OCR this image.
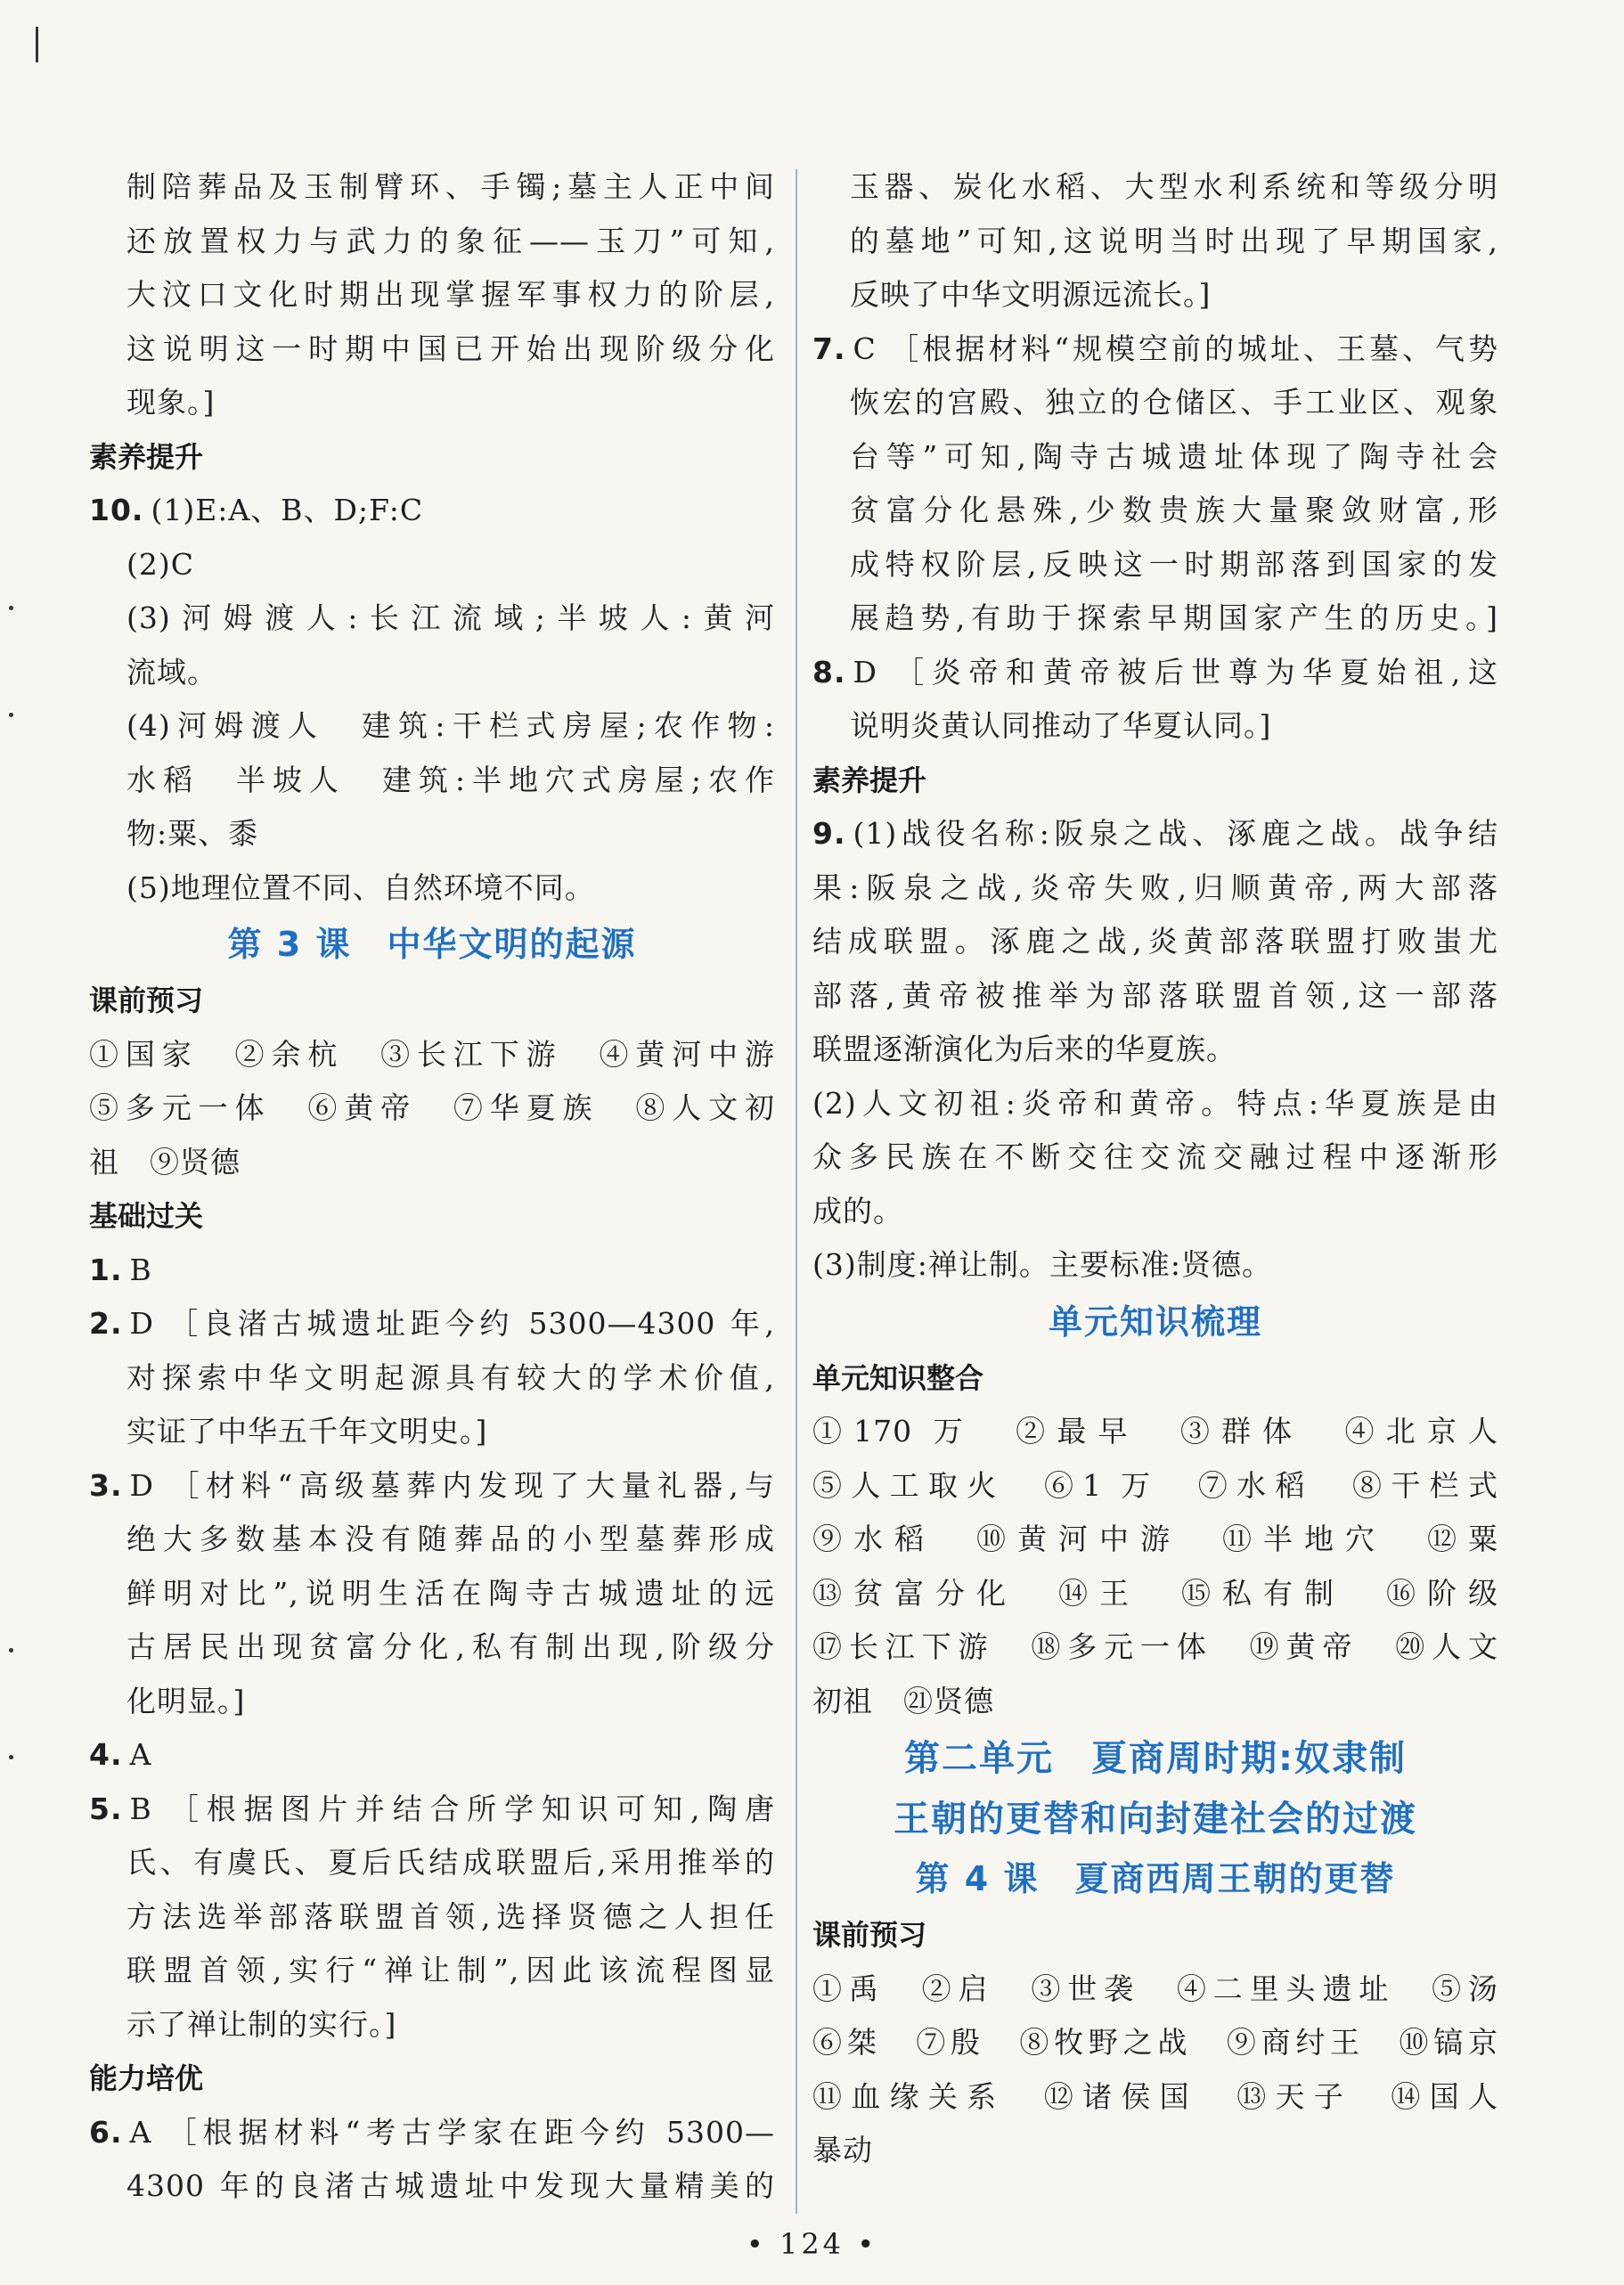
制陪葬品及玉制臂环、手镯;墓主人正中间
还放置权力与武力的象征——玉刀”可知,
大汶口文化时期出现掌握军事权力的阶层,
这说明这一时期中国已开始出现阶级分化
现象。]
素养提升
10. (1)E:A、B、D;F:C
(2)C
(3)河姆渡人:长江流域;半坡人:黄河
流域。
(4)河姆渡人　建筑:干栏式房屋;农作物:
水稻　半坡人　建筑:半地穴式房屋;农作
物:粟、黍
(5)地理位置不同、自然环境不同。
第 3 课　中华文明的起源
课前预习
①国家　②余杭　③长江下游　④黄河中游
⑤多元一体　⑥黄帝　⑦华夏族　⑧人文初
祖　⑨贤德
基础过关
1. B
2. D ［良渚古城遗址距今约 5300—4300 年,
对探索中华文明起源具有较大的学术价值,
实证了中华五千年文明史。]
3. D ［材料“高级墓葬内发现了大量礼器,与
绝大多数基本没有随葬品的小型墓葬形成
鲜明对比”,说明生活在陶寺古城遗址的远
古居民出现贫富分化,私有制出现,阶级分
化明显。]
4. A
5. B ［根据图片并结合所学知识可知,陶唐
氏、有虞氏、夏后氏结成联盟后,采用推举的
方法选举部落联盟首领,选择贤德之人担任
联盟首领,实行“禅让制”,因此该流程图显
示了禅让制的实行。]
能力培优
6. A ［根据材料“考古学家在距今约 5300—
4300 年的良渚古城遗址中发现大量精美的
玉器、炭化水稻、大型水利系统和等级分明
的墓地”可知,这说明当时出现了早期国家,
反映了中华文明源远流长。]
7. C ［根据材料“规模空前的城址、王墓、气势
恢宏的宫殿、独立的仓储区、手工业区、观象
台等”可知,陶寺古城遗址体现了陶寺社会
贫富分化悬殊,少数贵族大量聚敛财富,形
成特权阶层,反映这一时期部落到国家的发
展趋势,有助于探索早期国家产生的历史。]
8. D ［炎帝和黄帝被后世尊为华夏始祖,这
说明炎黄认同推动了华夏认同。]
素养提升
9. (1)战役名称:阪泉之战、涿鹿之战。战争结
果:阪泉之战,炎帝失败,归顺黄帝,两大部落
结成联盟。涿鹿之战,炎黄部落联盟打败蚩尤
部落,黄帝被推举为部落联盟首领,这一部落
联盟逐渐演化为后来的华夏族。
(2)人文初祖:炎帝和黄帝。特点:华夏族是由
众多民族在不断交往交流交融过程中逐渐形
成的。
(3)制度:禅让制。主要标准:贤德。
单元知识梳理
单元知识整合
①170 万　②最早　③群体　④北京人
⑤人工取火　⑥1 万　⑦水稻　⑧干栏式
⑨水稻　⑩黄河中游　⑪半地穴　⑫粟
⑬贫富分化　⑭王　⑮私有制　⑯阶级
⑰长江下游　⑱多元一体　⑲黄帝　⑳人文
初祖　㉑贤德
第二单元　夏商周时期:奴隶制
王朝的更替和向封建社会的过渡
第 4 课　夏商西周王朝的更替
课前预习
①禹　②启　③世袭　④二里头遗址　⑤汤
⑥桀　⑦殷　⑧牧野之战　⑨商纣王　⑩镐京
⑪血缘关系　⑫诸侯国　⑬天子　⑭国人
暴动
• 124 •
